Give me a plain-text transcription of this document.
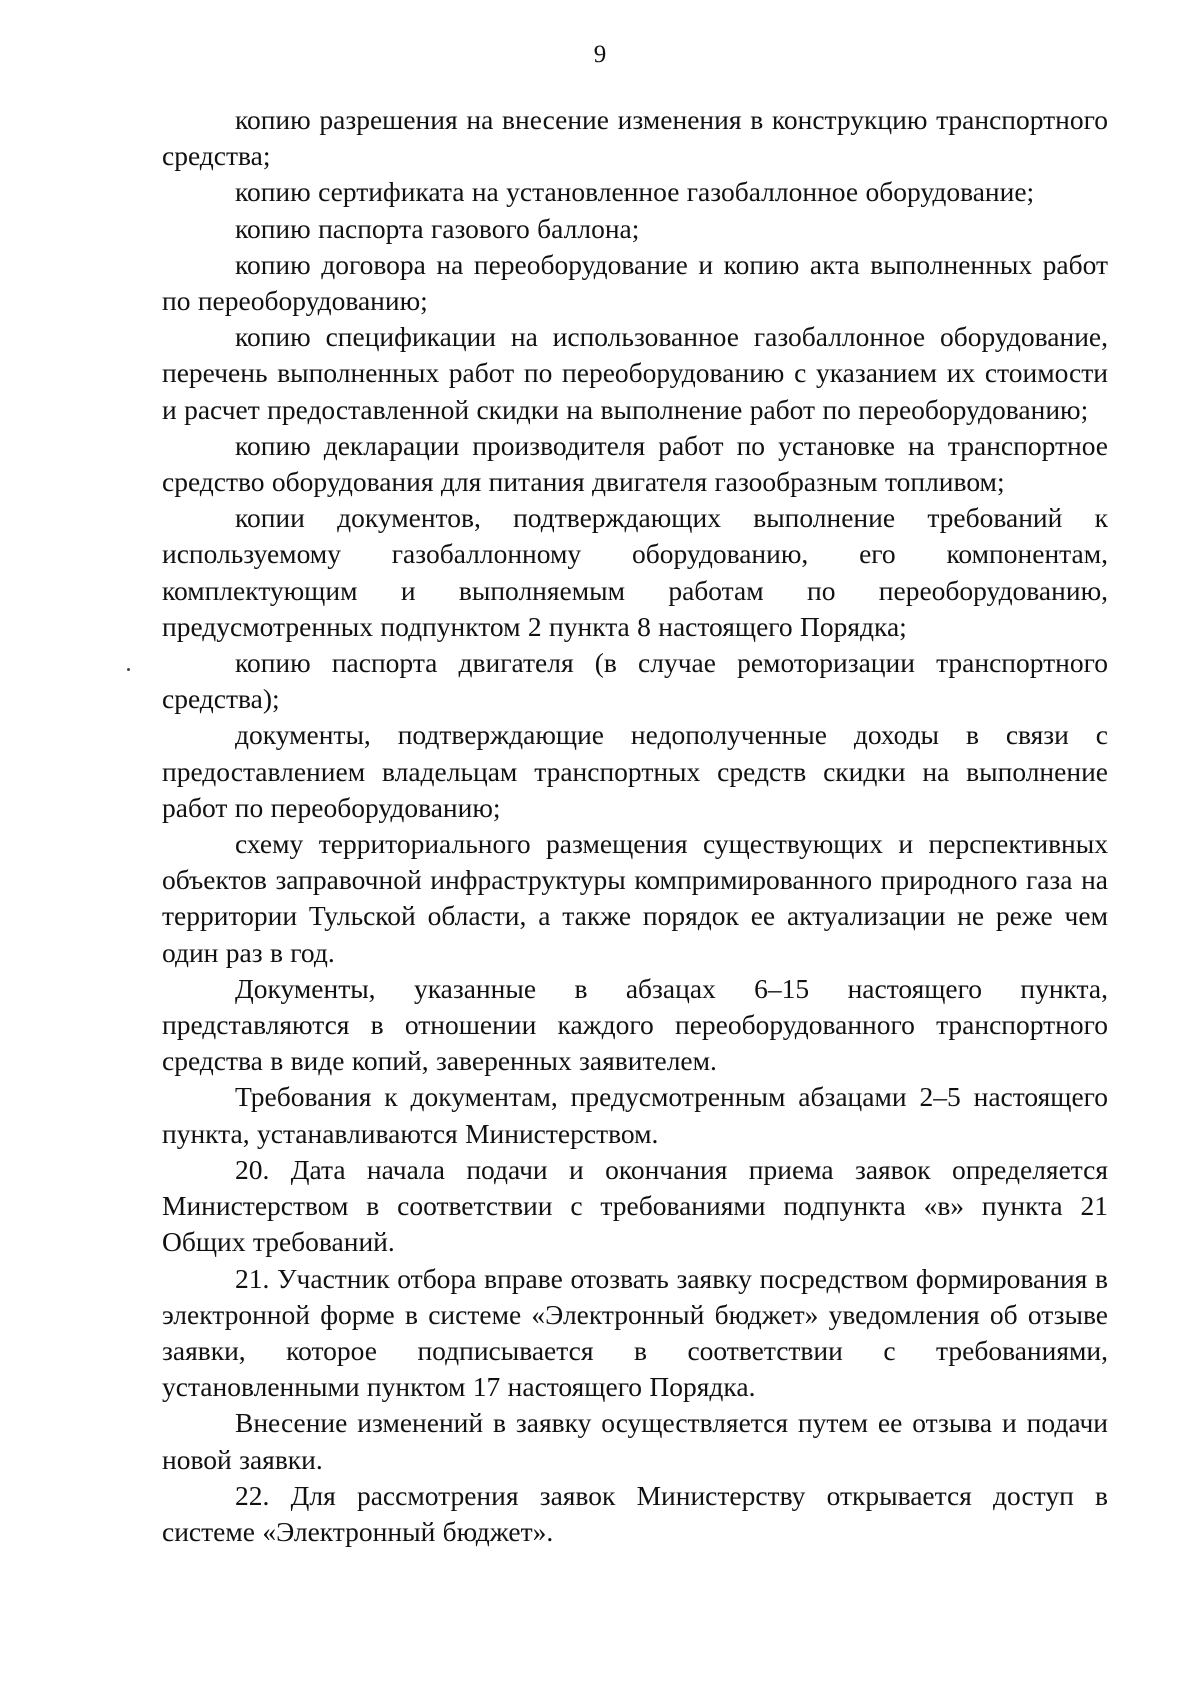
9

копию разрешения на внесение изменения в конструкцию транспортного средства;

копию сертификата на установленное газобаллонное оборудование;

копию паспорта газового баллона;

копию договора на переоборудование и копию акта выполненных работ по переоборудованию;

копию спецификации на использованное газобаллонное оборудование, перечень выполненных работ по переоборудованию с указанием их стоимости и расчет предоставленной скидки на выполнение работ по переоборудованию;

копию декларации производителя работ по установке на транспортное средство оборудования для питания двигателя газообразным топливом;

копии документов, подтверждающих выполнение требований к используемому газобаллонному оборудованию, его компонентам, комплектующим и выполняемым работам по переоборудованию, предусмотренных подпунктом 2 пункта 8 настоящего Порядка;

копию паспорта двигателя (в случае ремоторизации транспортного средства);

документы, подтверждающие недополученные доходы в связи с предоставлением владельцам транспортных средств скидки на выполнение работ по переоборудованию;

схему территориального размещения существующих и перспективных объектов заправочной инфраструктуры компримированного природного газа на территории Тульской области, а также порядок ее актуализации не реже чем один раз в год.

Документы, указанные в абзацах 6–15 настоящего пункта, представляются в отношении каждого переоборудованного транспортного средства в виде копий, заверенных заявителем.

Требования к документам, предусмотренным абзацами 2–5 настоящего пункта, устанавливаются Министерством.

20. Дата начала подачи и окончания приема заявок определяется Министерством в соответствии с требованиями подпункта «в» пункта 21 Общих требований.

21. Участник отбора вправе отозвать заявку посредством формирования в электронной форме в системе «Электронный бюджет» уведомления об отзыве заявки, которое подписывается в соответствии с требованиями, установленными пунктом 17 настоящего Порядка.

Внесение изменений в заявку осуществляется путем ее отзыва и подачи новой заявки.

22. Для рассмотрения заявок Министерству открывается доступ в системе «Электронный бюджет».
